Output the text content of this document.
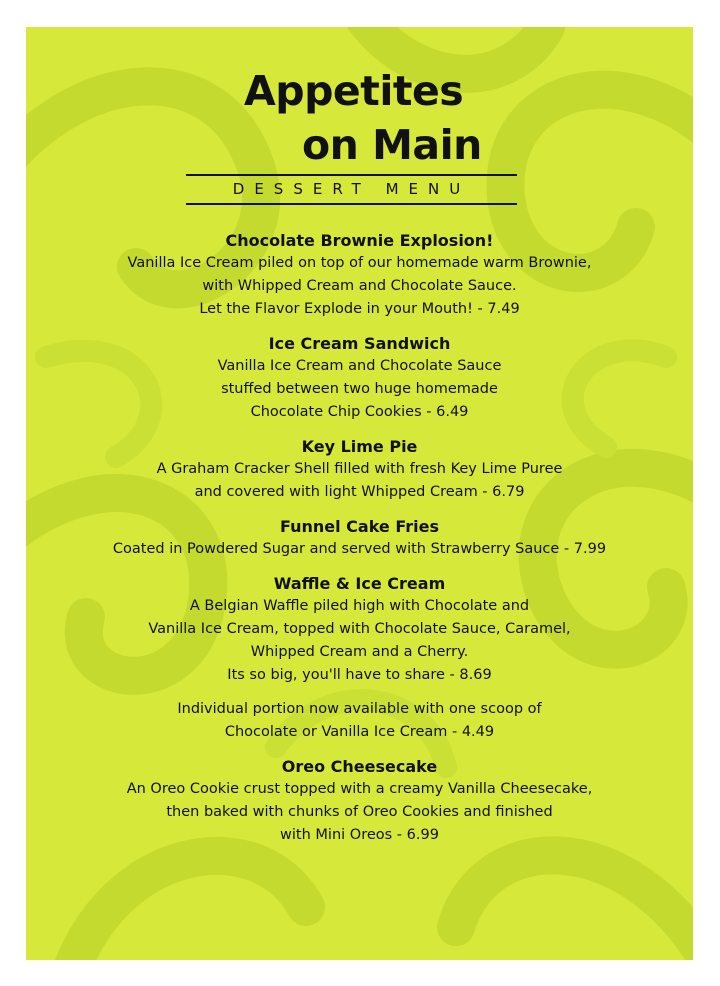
Appetites
on Main
DESSERT MENU
Chocolate Brownie Explosion!
Vanilla Ice Cream piled on top of our homemade warm Brownie,
with Whipped Cream and Chocolate Sauce.
Let the Flavor Explode in your Mouth! - 7.49
Ice Cream Sandwich
Vanilla Ice Cream and Chocolate Sauce
stuffed between two huge homemade
Chocolate Chip Cookies - 6.49
Key Lime Pie
A Graham Cracker Shell filled with fresh Key Lime Puree
and covered with light Whipped Cream - 6.79
Funnel Cake Fries
Coated in Powdered Sugar and served with Strawberry Sauce - 7.99
Waffle & Ice Cream
A Belgian Waffle piled high with Chocolate and
Vanilla Ice Cream, topped with Chocolate Sauce, Caramel,
Whipped Cream and a Cherry.
Its so big, you'll have to share - 8.69
Individual portion now available with one scoop of
Chocolate or Vanilla Ice Cream - 4.49
Oreo Cheesecake
An Oreo Cookie crust topped with a creamy Vanilla Cheesecake,
then baked with chunks of Oreo Cookies and finished
with Mini Oreos - 6.99
